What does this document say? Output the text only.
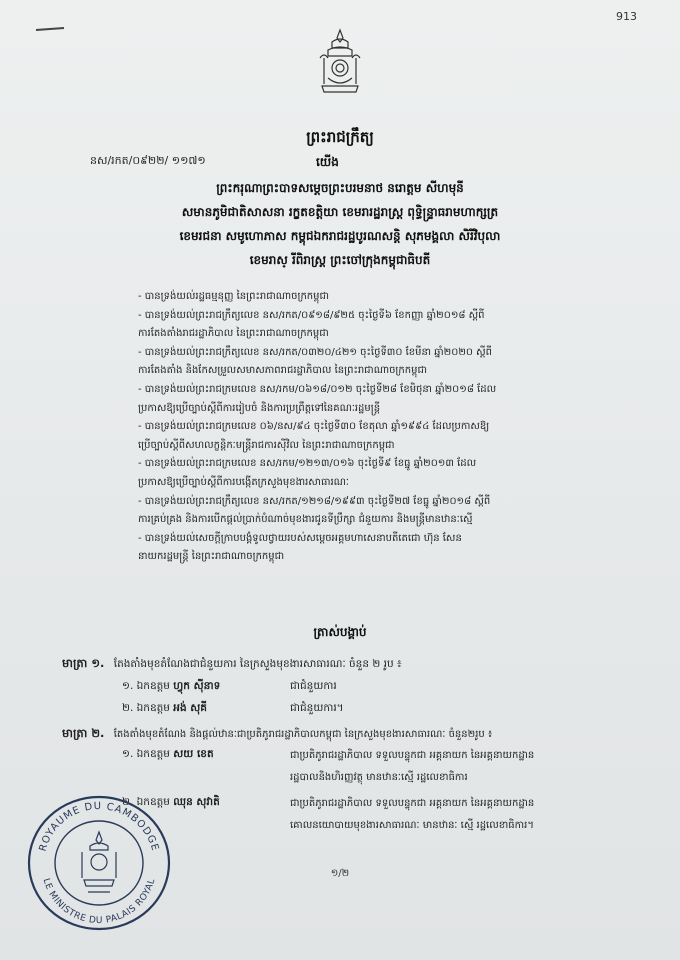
913
ព្រះរាជក្រឹត្យ
នស/រកត/០៩២២/ ១១៧១	យើង
ព្រះករុណាព្រះបាទសម្ដេចព្រះបរមនាថ នរោត្តម សីហមុនី
សមានភូមិជាតិសាសនា រក្ខតខត្តិយា ខេមរារដ្ឋរាស្ត្រ ពុទ្ធិន្ទ្រាធរាមហាក្សត្រ
ខេមរជនា សមូហោភាស កម្ពុជឯករាជរដ្ឋបូរណសន្តិ សុភមង្គលា សិរីវិបុលា
ខេមរាស្ រីពិរាស្ត្រ ព្រះចៅក្រុងកម្ពុជាធិបតី

- បានទ្រង់យល់រដ្ឋធម្មនុញ្ញ នៃព្រះរាជាណាចក្រកម្ពុជា

- បានទ្រង់យល់ព្រះរាជក្រឹត្យលេខ នស/រកត/០៩១៨/៩២៥ ចុះថ្ងៃទី៦ ខែកញ្ញា ឆ្នាំ២០១៨ ស្តីពី

ការតែងតាំងរាជរដ្ឋាភិបាល នៃព្រះរាជាណាចក្រកម្ពុជា

- បានទ្រង់យល់ព្រះរាជក្រឹត្យលេខ នស/រកត/០៣២០/៤២១ ចុះថ្ងៃទី៣០ ខែមីនា ឆ្នាំ២០២០ ស្តីពី

ការតែងតាំង និងកែសម្រួលសមាសភាពរាជរដ្ឋាភិបាល នៃព្រះរាជាណាចក្រកម្ពុជា

- បានទ្រង់យល់ព្រះរាជក្រមលេខ នស/រកម/០៦១៨/០១២ ចុះថ្ងៃទី២៨ ខែមិថុនា ឆ្នាំ២០១៨ ដែល

ប្រកាសឱ្យប្រើច្បាប់ស្តីពីការរៀបចំ និងការប្រព្រឹត្តទៅនៃគណៈរដ្ឋមន្ត្រី

- បានទ្រង់យល់ព្រះរាជក្រមលេខ ០៦/នស/៩៤ ចុះថ្ងៃទី៣០ ខែតុលា ឆ្នាំ១៩៩៤ ដែលប្រកាសឱ្យ

ប្រើច្បាប់ស្តីពីសហលក្ខន្តិកៈមន្ត្រីរាជការស៊ីវិល នៃព្រះរាជាណាចក្រកម្ពុជា

- បានទ្រង់យល់ព្រះរាជក្រមលេខ នស/រកម/១២១៣/០១៦ ចុះថ្ងៃទី៩ ខែធ្នូ ឆ្នាំ២០១៣ ដែល

ប្រកាសឱ្យប្រើច្បាប់ស្តីពីការបង្កើតក្រសួងមុខងារសាធារណៈ

- បានទ្រង់យល់ព្រះរាជក្រឹត្យលេខ នស/រកត/១២១៨/១៩៩៣ ចុះថ្ងៃទី២៧ ខែធ្នូ ឆ្នាំ២០១៨ ស្តីពី

ការគ្រប់គ្រង និងការបើកផ្តល់ប្រាក់បំណាច់មុខងារជូនទីប្រឹក្សា ជំនួយការ និងមន្ត្រីមានឋានៈស្មើ

- បានទ្រង់យល់សេចក្តីក្រាបបង្គំទូលថ្វាយរបស់សម្តេចអគ្គមហាសេនាបតីតេជោ ហ៊ុន សែន

នាយករដ្ឋមន្ត្រី នៃព្រះរាជាណាចក្រកម្ពុជា

ត្រាស់បង្គាប់
មាត្រា ១. តែងតាំងមុខតំណែងជាជំនួយការ នៃក្រសួងមុខងារសាធារណៈ ចំនួន ២ រូប ៖
១. ឯកឧត្តម ហ្វុក ស៊ីនាទ	ជាជំនួយការ
២. ឯកឧត្តម អង់ សុគី	ជាជំនួយការ។
មាត្រា ២. តែងតាំងមុខតំណែង និងផ្តល់ឋានៈជាប្រតិភូរាជរដ្ឋាភិបាលកម្ពុជា នៃក្រសួងមុខងារសាធារណៈ ចំនួន២រូប ៖
១. ឯកឧត្តម សយ ខេត	ជាប្រតិភូរាជរដ្ឋាភិបាល ទទួលបន្ទុកជា អគ្គនាយក នៃអគ្គនាយកដ្ឋាន
រដ្ឋបាលនិងហិរញ្ញវត្ថុ មានឋានៈស្មើ រដ្ឋលេខាធិការ
២. ឯកឧត្តម ឈុន សុវាតិ	ជាប្រតិភូរាជរដ្ឋាភិបាល ទទួលបន្ទុកជា អគ្គនាយក នៃអគ្គនាយកដ្ឋាន
គោលនយោបាយមុខងារសាធារណៈ មានឋានៈ ស្មើ រដ្ឋលេខាធិការ។
១/២
ROYAUME DU CAMBODGE
LE MINISTRE DU PALAIS ROYAL
